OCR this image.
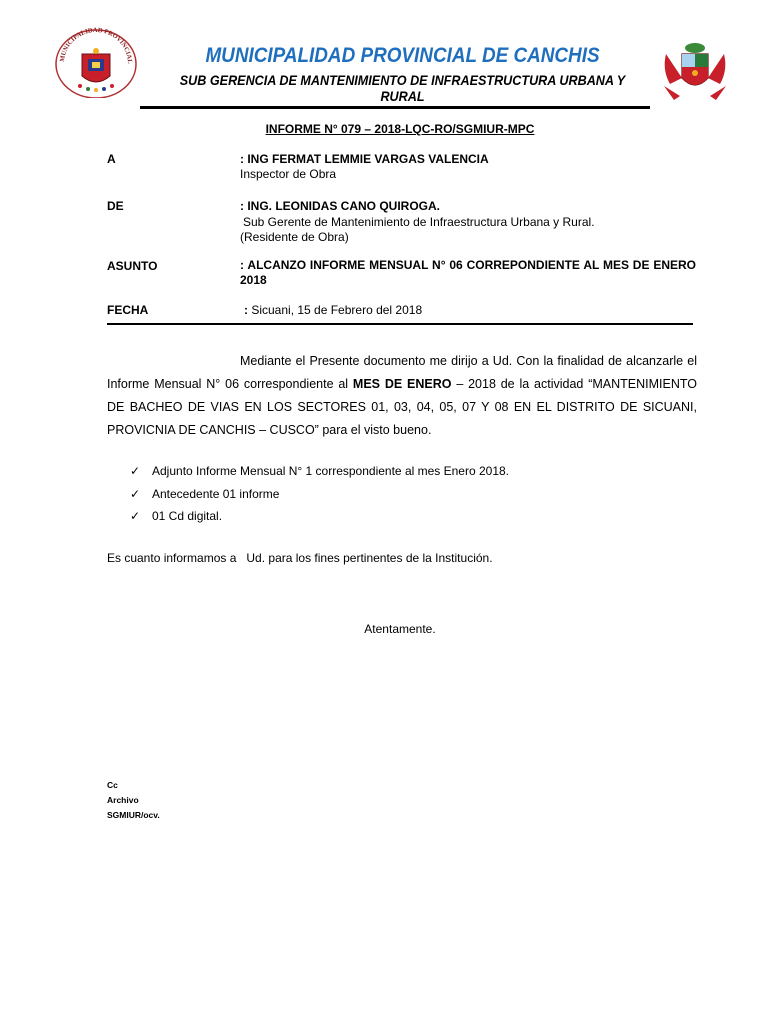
MUNICIPALIDAD PROVINCIAL	MUNICIPALIDAD PROVINCIAL DE CANCHIS
SUB GERENCIA DE MANTENIMIENTO DE INFRAESTRUCTURA URBANA Y RURAL
INFORME N° 079 – 2018-LQC-RO/SGMIUR-MPC
A	: ING FERMAT LEMMIE VARGAS VALENCIA
Inspector de Obra
DE	: ING. LEONIDAS CANO QUIROGA.
Sub Gerente de Mantenimiento de Infraestructura Urbana y Rural.
(Residente de Obra)
ASUNTO	: ALCANZO INFORME MENSUAL N° 06 CORREPONDIENTE AL MES DE ENERO 2018
FECHA	: Sicuani, 15 de Febrero del 2018
Mediante el Presente documento me dirijo a Ud. Con la finalidad de alcanzarle el Informe Mensual N° 06 correspondiente al MES DE ENERO – 2018 de la actividad “MANTENIMIENTO DE BACHEO DE VIAS EN LOS SECTORES 01, 03, 04, 05, 07 Y 08 EN EL DISTRITO DE SICUANI, PROVICNIA DE CANCHIS – CUSCO” para el visto bueno.
✓ Adjunto Informe Mensual N° 1 correspondiente al mes Enero 2018.
✓ Antecedente 01 informe
✓ 01 Cd digital.
Es cuanto informamos a   Ud. para los fines pertinentes de la Institución.
Atentamente.
Cc
Archivo
SGMIUR/ocv.
